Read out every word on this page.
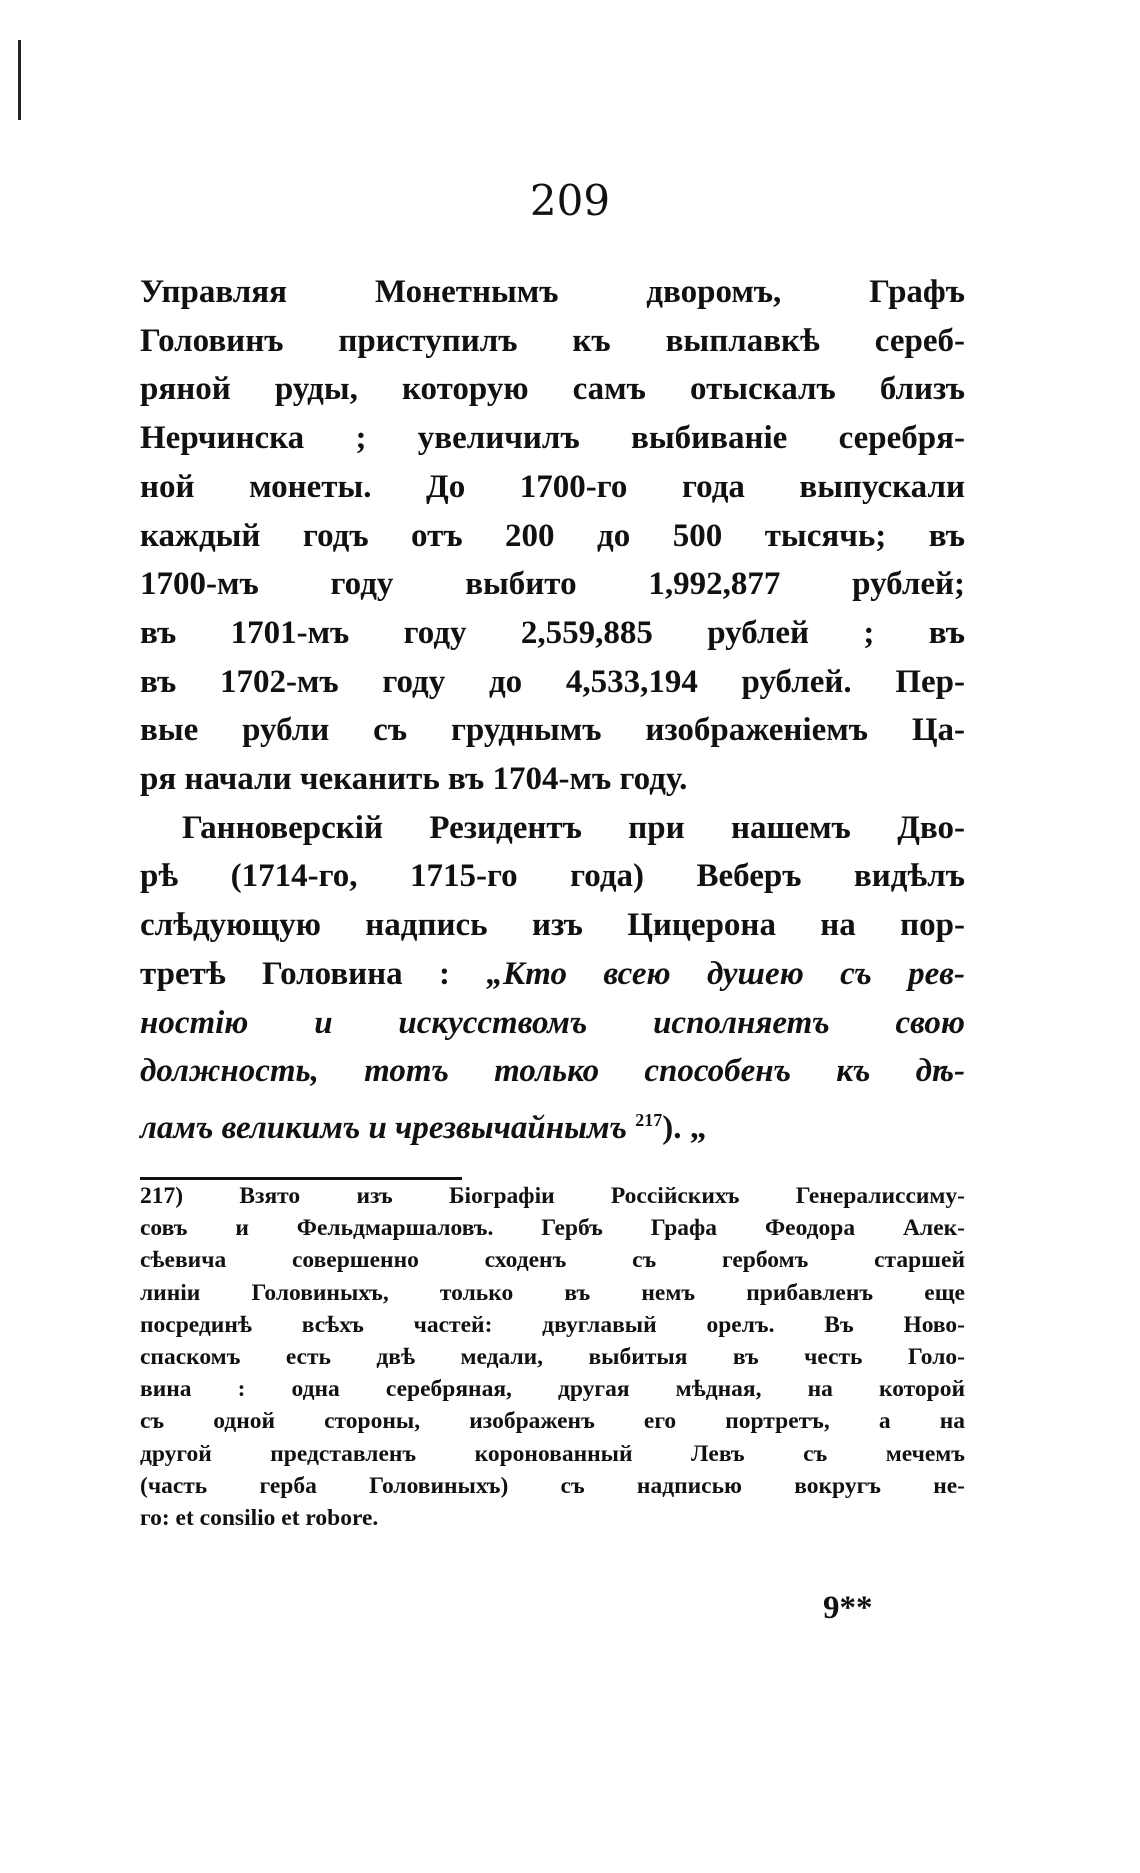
209
Управляя Монетнымъ дворомъ, Графъ
Головинъ приступилъ къ выплавкѣ сереб-
ряной руды, которую самъ отыскалъ близъ
Нерчинска ; увеличилъ выбиваніе серебря-
ной монеты. До 1700-го года выпускали
каждый годъ отъ 200 до 500 тысячь; въ
1700-мъ году выбито 1,992,877 рублей;
въ 1701-мъ году 2,559,885 рублей ; въ
въ 1702-мъ году до 4,533,194 рублей. Пер-
вые рубли съ груднымъ изображеніемъ Ца-
ря начали чеканить въ 1704-мъ году.
Ганноверскій Резидентъ при нашемъ Дво-
рѣ (1714-го, 1715-го года) Веберъ видѣлъ
слѣдующую надпись изъ Цицерона на пор-
третѣ Головина : „Кто всею душею съ рев-
ностію и искусствомъ исполняетъ свою
должность, тотъ только способенъ къ дѣ-
ламъ великимъ и чрезвычайнымъ $^{217}$). „
217) Взято изъ Біографіи Россійскихъ Генералиссиму-
совъ и Фельдмаршаловъ. Гербъ Графа Феодора Алек-
сѣевича совершенно сходенъ съ гербомъ старшей
линіи Головиныхъ, только въ немъ прибавленъ еще
посрединѣ всѣхъ частей: двуглавый орелъ. Въ Ново-
спаскомъ есть двѣ медали, выбитыя въ честь Голо-
вина : одна серебряная, другая мѣдная, на которой
съ одной стороны, изображенъ его портретъ, а на
другой представленъ коронованный Левъ съ мечемъ
(часть герба Головиныхъ) съ надписью вокругъ не-
го: et consilio et robore.
9**
